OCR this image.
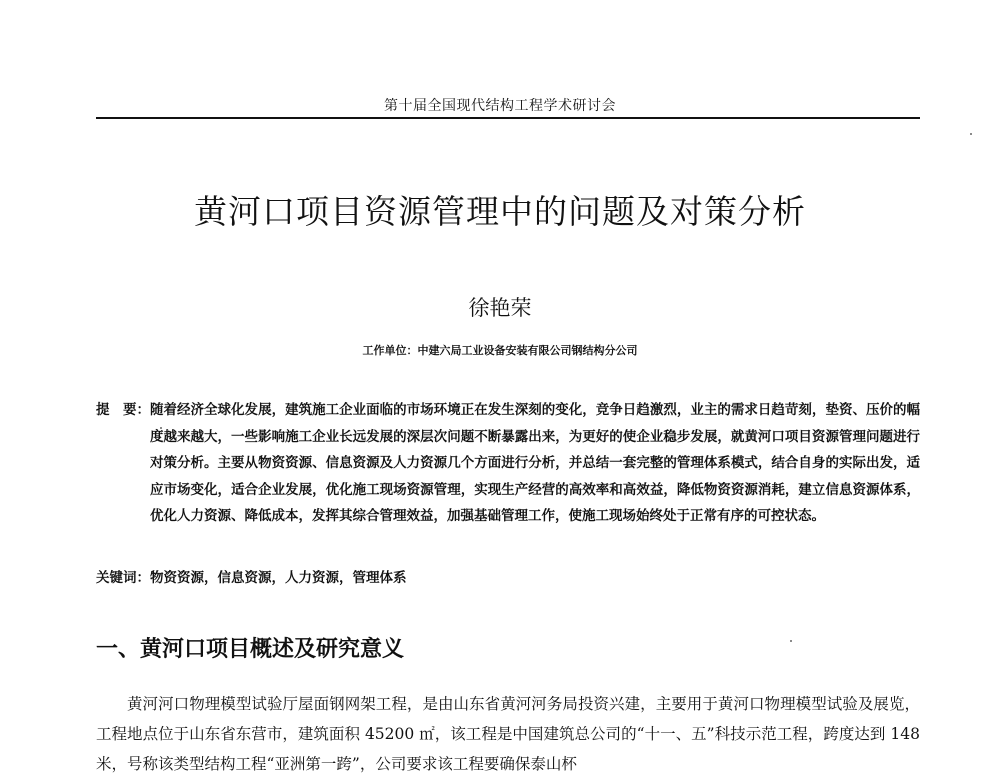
第十届全国现代结构工程学术研讨会
黄河口项目资源管理中的问题及对策分析
徐艳荣
工作单位：中建六局工业设备安装有限公司钢结构分公司
提　要： 随着经济全球化发展，建筑施工企业面临的市场环境正在发生深刻的变化，竞争日趋激烈，业主的需求日趋苛刻，垫资、压价的幅度越来越大，一些影响施工企业长远发展的深层次问题不断暴露出来，为更好的使企业稳步发展，就黄河口项目资源管理问题进行对策分析。主要从物资资源、信息资源及人力资源几个方面进行分析，并总结一套完整的管理体系模式，结合自身的实际出发，适应市场变化，适合企业发展，优化施工现场资源管理，实现生产经营的高效率和高效益，降低物资资源消耗，建立信息资源体系，优化人力资源、降低成本，发挥其综合管理效益，加强基础管理工作，使施工现场始终处于正常有序的可控状态。
关键词：物资资源，信息资源，人力资源，管理体系
一、黄河口项目概述及研究意义
黄河河口物理模型试验厅屋面钢网架工程，是由山东省黄河河务局投资兴建，主要用于黄河口物理模型试验及展览，工程地点位于山东省东营市，建筑面积 45200 ㎡，该工程是中国建筑总公司的“十一、五”科技示范工程，跨度达到 148 米，号称该类型结构工程“亚洲第一跨”，公司要求该工程要确保泰山杯
